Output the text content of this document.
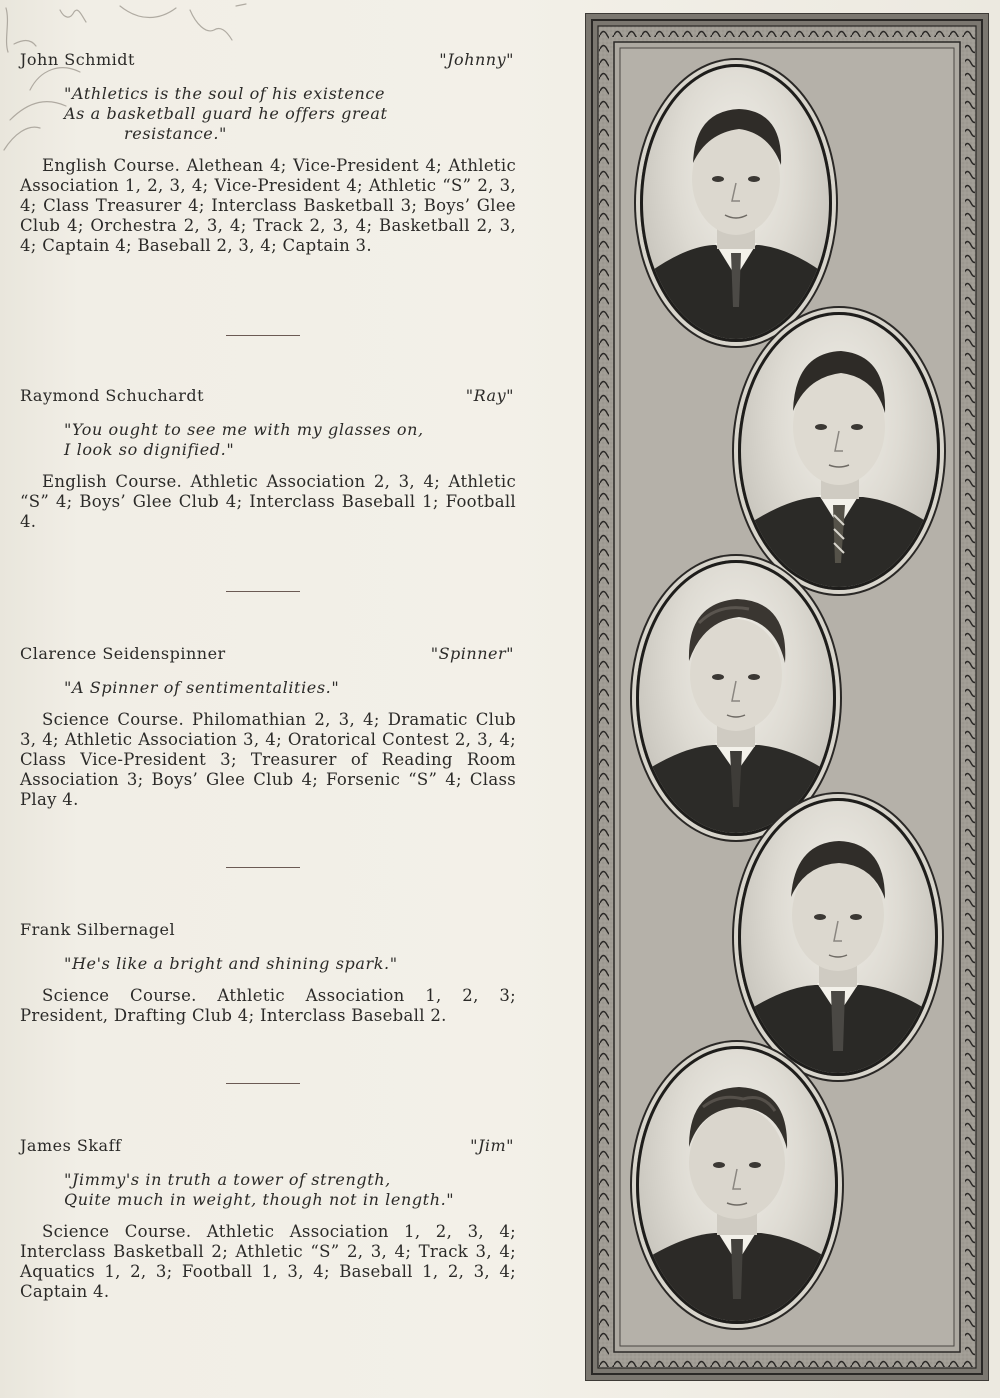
John Schmidt	"Johnny"
"Athletics is the soul of his existence
As a basketball guard he offers great
resistance."
English Course. Alethean 4; Vice-President 4; Athletic Association 1, 2, 3, 4; Vice-President 4; Athletic “S” 2, 3, 4; Class Treasurer 4; Interclass Basketball 3; Boys’ Glee Club 4; Orchestra 2, 3, 4; Track 2, 3, 4; Basketball 2, 3, 4; Captain 4; Baseball 2, 3, 4; Captain 3.
Raymond Schuchardt	"Ray"
"You ought to see me with my glasses on,
I look so dignified."
English Course. Athletic Association 2, 3, 4; Athletic “S” 4; Boys’ Glee Club 4; Interclass Baseball 1; Football 4.
Clarence Seidenspinner	"Spinner"
"A Spinner of sentimentalities."
Science Course. Philomathian 2, 3, 4; Dramatic Club 3, 4; Athletic Association 3, 4; Oratorical Contest 2, 3, 4; Class Vice-President 3; Treasurer of Reading Room Association 3; Boys’ Glee Club 4; Forsenic “S” 4; Class Play 4.
Frank Silbernagel
"He's like a bright and shining spark."
Science Course. Athletic Association 1, 2, 3; President, Drafting Club 4; Interclass Baseball 2.
James Skaff	"Jim"
"Jimmy's in truth a tower of strength,
Quite much in weight, though not in length."
Science Course. Athletic Association 1, 2, 3, 4; Interclass Basketball 2; Athletic “S” 2, 3, 4; Track 3, 4; Aquatics 1, 2, 3; Football 1, 3, 4; Baseball 1, 2, 3, 4; Captain 4.
